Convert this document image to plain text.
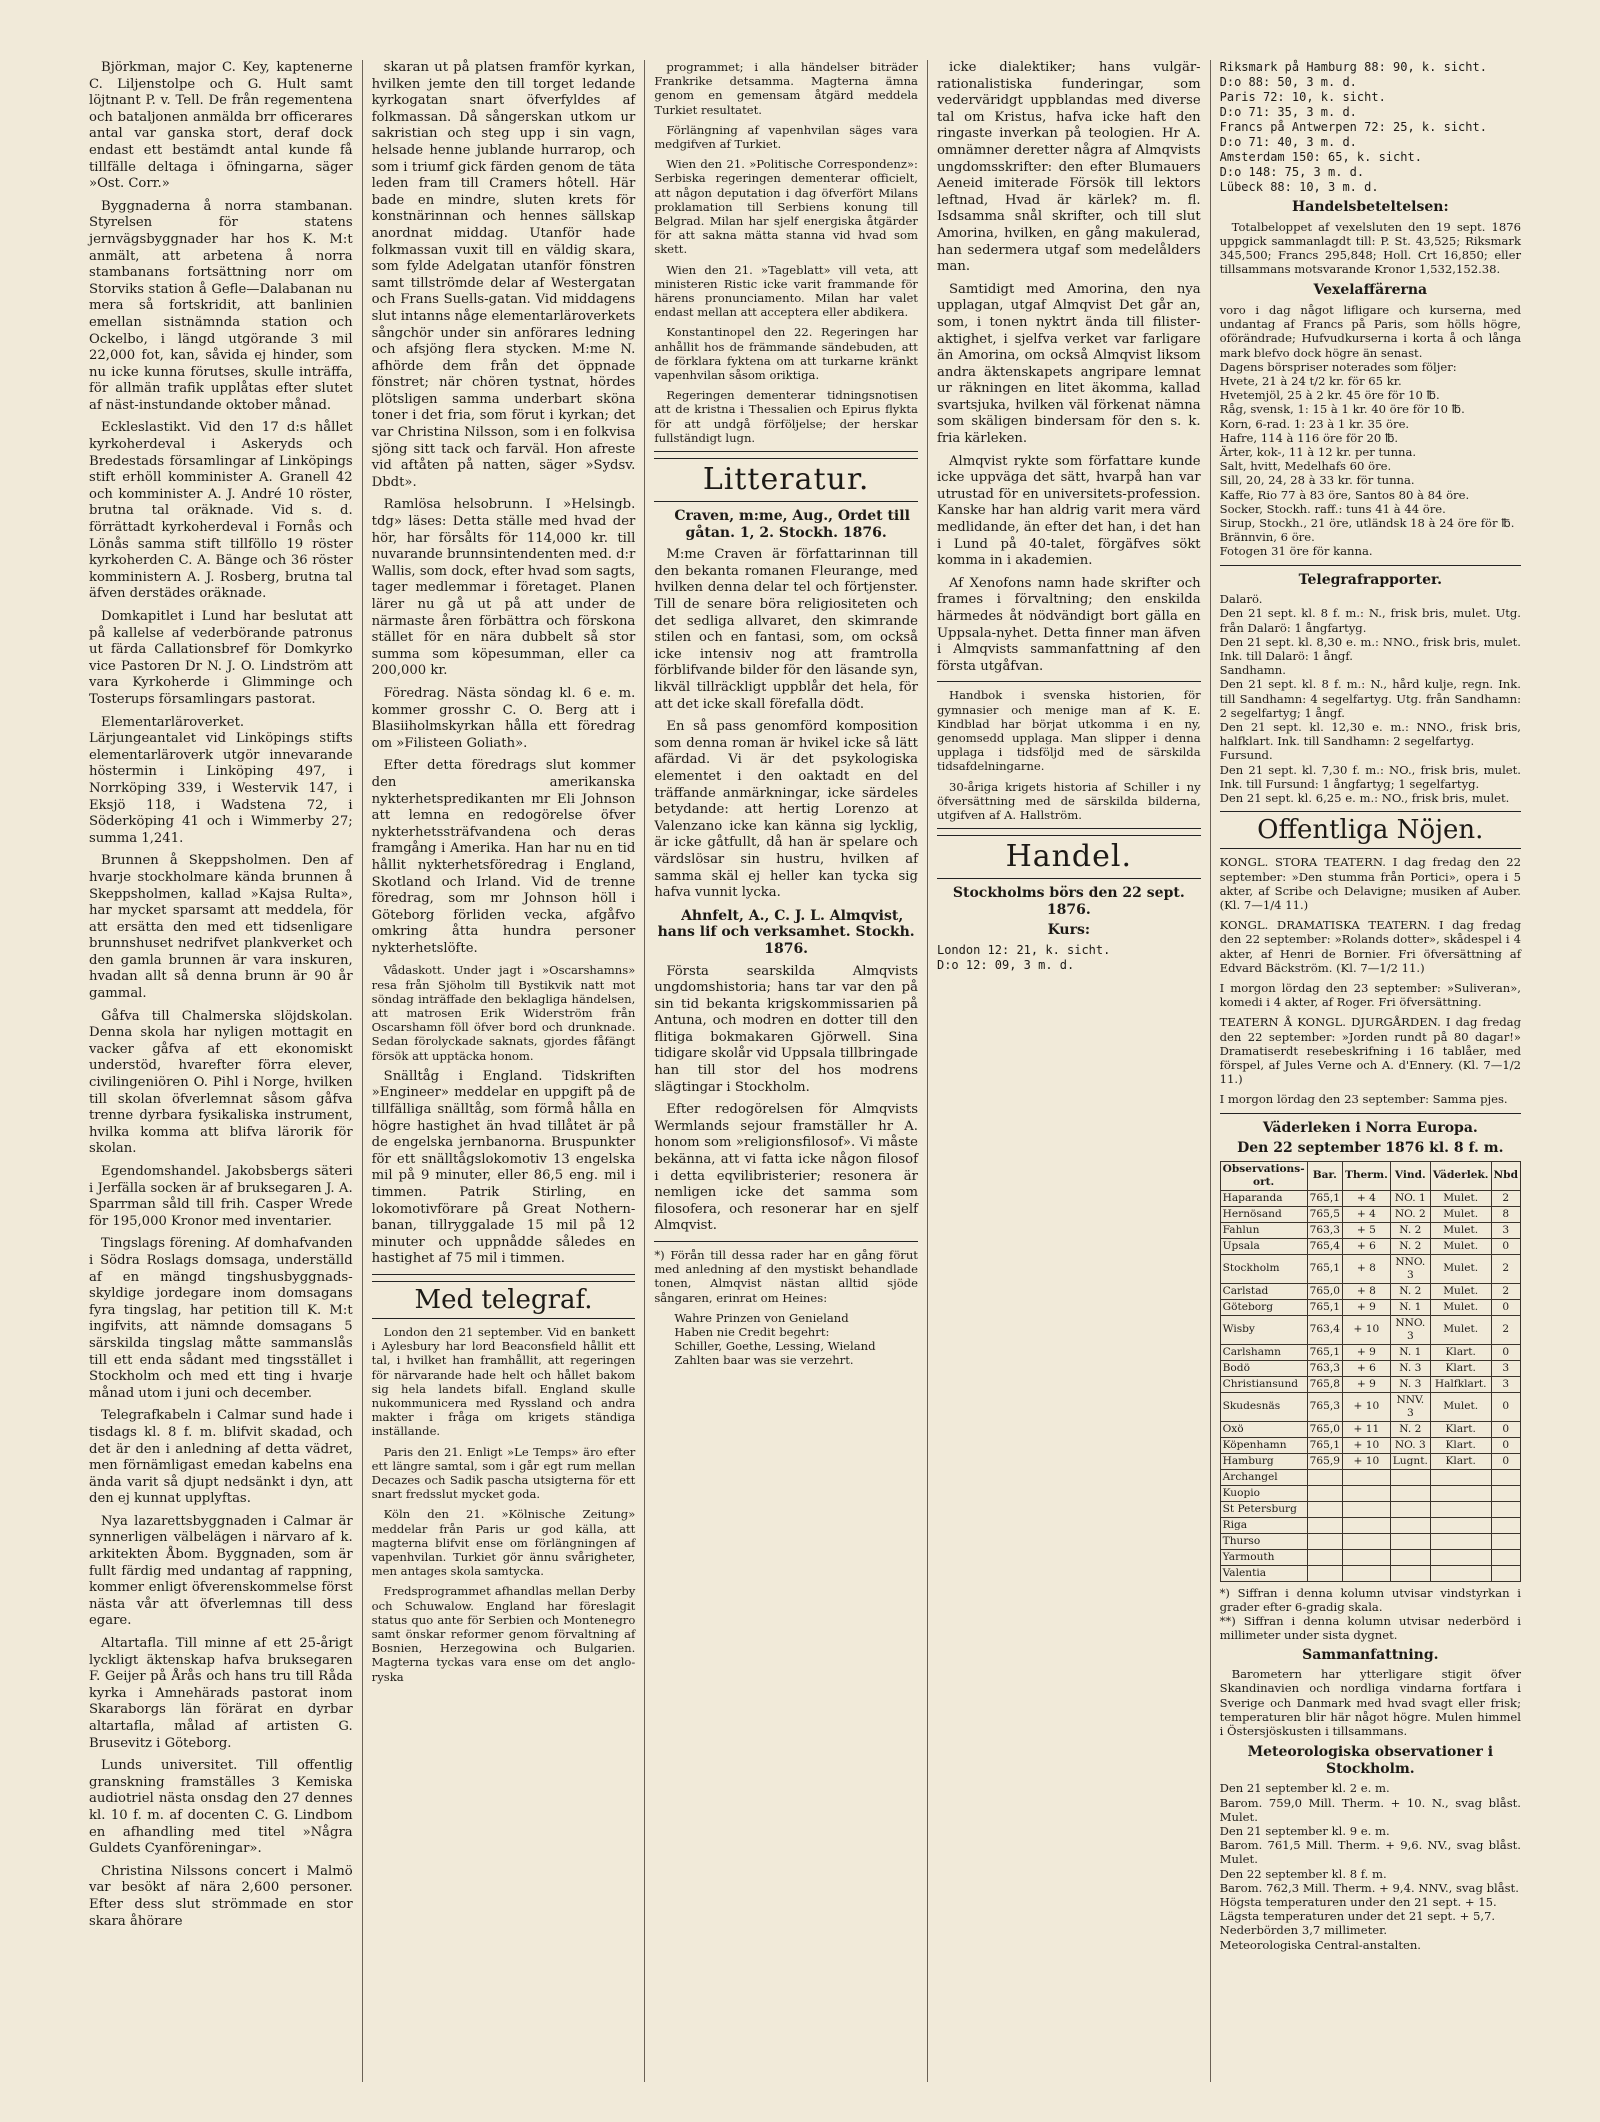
Björkman, major C. Key, kaptenerne C. Liljenstolpe och G. Hult samt löjtnant P. v. Tell. De från regementena och bataljonen anmälda brr officerares antal var ganska stort, deraf dock endast ett bestämdt antal kunde få tillfälle deltaga i öfningarna, säger »Ost. Corr.»

Byggnaderna å norra stambanan. Styrelsen för statens jernvägsbyggnader har hos K. M:t anmält, att arbetena å norra stambanans fortsättning norr om Storviks station å Gefle—Dalabanan nu mera så fortskridit, att banlinien emellan sistnämnda station och Ockelbo, i längd utgörande 3 mil 22,000 fot, kan, såvida ej hinder, som nu icke kunna förutses, skulle inträffa, för allmän trafik upplåtas efter slutet af näst-instundande oktober månad.

Eckleslastikt. Vid den 17 d:s hållet kyrkoherdeval i Askeryds och Bredestads församlingar af Linköpings stift erhöll komminister A. Granell 42 och komminister A. J. André 10 röster, brutna tal oräknade. Vid s. d. förrättadt kyrkoherdeval i Fornås och Lönås samma stift tillföllo 19 röster kyrkoherden C. A. Bänge och 36 röster komministern A. J. Rosberg, brutna tal äfven derstädes oräknade.

Domkapitlet i Lund har beslutat att på kallelse af vederbörande patronus ut färda Callationsbref för Domkyrko vice Pastoren Dr N. J. O. Lindström att vara Kyrkoherde i Glimminge och Tosterups församlingars pastorat.

Elementarläroverket. Lärjungeantalet vid Linköpings stifts elementarläroverk utgör innevarande höstermin i Linköping 497, i Norrköping 339, i Westervik 147, i Eksjö 118, i Wadstena 72, i Söderköping 41 och i Wimmerby 27; summa 1,241.

Brunnen å Skeppsholmen. Den af hvarje stockholmare kända brunnen å Skeppsholmen, kallad »Kajsa Rulta», har mycket sparsamt att meddela, för att ersätta den med ett tidsenligare brunnshuset nedrifvet plankverket och den gamla brunnen är vara inskuren, hvadan allt så denna brunn är 90 år gammal.

Gåfva till Chalmerska slöjdskolan. Denna skola har nyligen mottagit en vacker gåfva af ett ekonomiskt understöd, hvarefter förra elever, civilingeniören O. Pihl i Norge, hvilken till skolan öfverlemnat såsom gåfva trenne dyrbara fysikaliska instrument, hvilka komma att blifva lärorik för skolan.

Egendomshandel. Jakobsbergs säteri i Jerfälla socken är af bruksegaren J. A. Sparrman såld till frih. Casper Wrede för 195,000 Kronor med inventarier.

Tingslags förening. Af domhafvanden i Södra Roslags domsaga, underställd af en mängd tingshusbyggnads-skyldige jordegare inom domsagans fyra tingslag, har petition till K. M:t ingifvits, att nämnde domsagans 5 särskilda tingslag måtte sammanslås till ett enda sådant med tingsstället i Stockholm och med ett ting i hvarje månad utom i juni och december.

Telegrafkabeln i Calmar sund hade i tisdags kl. 8 f. m. blifvit skadad, och det är den i anledning af detta vädret, men förnämligast emedan kabelns ena ända varit så djupt nedsänkt i dyn, att den ej kunnat upplyftas.

Nya lazarettsbyggnaden i Calmar är synnerligen välbelägen i närvaro af k. arkitekten Åbom. Byggnaden, som är fullt färdig med undantag af rappning, kommer enligt öfverenskommelse först nästa vår att öfverlemnas till dess egare.

Altartafla. Till minne af ett 25-årigt lyckligt äktenskap hafva bruksegaren F. Geijer på Årås och hans tru till Råda kyrka i Amnehärads pastorat inom Skaraborgs län förärat en dyrbar altartafla, målad af artisten G. Brusevitz i Göteborg.

Lunds universitet. Till offentlig granskning framställes 3 Kemiska audiotriel nästa onsdag den 27 dennes kl. 10 f. m. af docenten C. G. Lindbom en afhandling med titel »Några Guldets Cyanföreningar».

Christina Nilssons concert i Malmö var besökt af nära 2,600 personer. Efter dess slut strömmade en stor skara åhörare

skaran ut på platsen framför kyrkan, hvilken jemte den till torget ledande kyrkogatan snart öfverfyldes af folkmassan. Då sångerskan utkom ur sakristian och steg upp i sin vagn, helsade henne jublande hurrarop, och som i triumf gick färden genom de täta leden fram till Cramers hôtell. Här bade en mindre, sluten krets för konstnärinnan och hennes sällskap anordnat middag. Utanför hade folkmassan vuxit till en väldig skara, som fylde Adelgatan utanför fönstren samt tillströmde delar af Westergatan och Frans Suells-gatan. Vid middagens slut intanns någe elementarläroverkets sångchör under sin anförares ledning och afsjöng flera stycken. M:me N. afhörde dem från det öppnade fönstret; när chören tystnat, hördes plötsligen samma underbart sköna toner i det fria, som förut i kyrkan; det var Christina Nilsson, som i en folkvisa sjöng sitt tack och farväl. Hon afreste vid aftåten på natten, säger »Sydsv. Dbdt».

Ramlösa helsobrunn. I »Helsingb. tdg» läses: Detta ställe med hvad der hör, har försålts för 114,000 kr. till nuvarande brunnsintendenten med. d:r Wallis, som dock, efter hvad som sagts, tager medlemmar i företaget. Planen lärer nu gå ut på att under de närmaste åren förbättra och förskona stället för en nära dubbelt så stor summa som köpesumman, eller ca 200,000 kr.

Föredrag. Nästa söndag kl. 6 e. m. kommer grosshr C. O. Berg att i Blasiiholmskyrkan hålla ett föredrag om »Filisteen Goliath».

Efter detta föredrags slut kommer den amerikanska nykterhetspredikanten mr Eli Johnson att lemna en redogörelse öfver nykterhetssträfvandena och deras framgång i Amerika. Han har nu en tid hållit nykterhetsföredrag i England, Skotland och Irland. Vid de trenne föredrag, som mr Johnson höll i Göteborg förliden vecka, afgåfvo omkring åtta hundra personer nykterhetslöfte.

Vådaskott. Under jagt i »Oscarshamns» resa från Sjöholm till Bystikvik natt mot söndag inträffade den beklagliga händelsen, att matrosen Erik Widerström från Oscarshamn föll öfver bord och drunknade. Sedan förolyckade saknats, gjordes fåfängt försök att upptäcka honom.

Snälltåg i England. Tidskriften »Engineer» meddelar en uppgift på de tillfälliga snälltåg, som förmå hålla en högre hastighet än hvad tillåtet är på de engelska jernbanorna. Bruspunkter för ett snälltågslokomotiv 13 engelska mil på 9 minuter, eller 86,5 eng. mil i timmen. Patrik Stirling, en lokomotivförare på Great Nothern-banan, tillryggalade 15 mil på 12 minuter och uppnådde således en hastighet af 75 mil i timmen.

Med telegraf.

London den 21 september. Vid en bankett i Aylesbury har lord Beaconsfield hållit ett tal, i hvilket han framhållit, att regeringen för närvarande hade helt och hållet bakom sig hela landets bifall. England skulle nukommunicera med Ryssland och andra makter i fråga om krigets ständiga inställande.

Paris den 21. Enligt »Le Temps» äro efter ett längre samtal, som i går egt rum mellan Decazes och Sadik pascha utsigterna för ett snart fredsslut mycket goda.

Köln den 21. »Kölnische Zeitung» meddelar från Paris ur god källa, att magterna blifvit ense om förlängningen af vapenhvilan. Turkiet gör ännu svårigheter, men antages skola samtycka.

Fredsprogrammet afhandlas mellan Derby och Schuwalow. England har föreslagit status quo ante för Serbien och Montenegro samt önskar reformer genom förvaltning af Bosnien, Herzegowina och Bulgarien. Magterna tyckas vara ense om det anglo-ryska

programmet; i alla händelser biträder Frankrike detsamma. Magterna ämna genom en gemensam åtgärd meddela Turkiet resultatet.

Förlängning af vapenhvilan säges vara medgifven af Turkiet.

Wien den 21. »Politische Correspondenz»: Serbiska regeringen dementerar officielt, att någon deputation i dag öfverfört Milans proklamation till Serbiens konung till Belgrad. Milan har sjelf energiska åtgärder för att sakna mätta stanna vid hvad som skett.

Wien den 21. »Tageblatt» vill veta, att ministeren Ristic icke varit frammande för härens pronunciamento. Milan har valet endast mellan att acceptera eller abdikera.

Konstantinopel den 22. Regeringen har anhållit hos de främmande sändebuden, att de förklara fyktena om att turkarne kränkt vapenhvilan såsom oriktiga.

Regeringen dementerar tidningsnotisen att de kristna i Thessalien och Epirus flykta för att undgå förföljelse; der herskar fullständigt lugn.

Litteratur.

Craven, m:me, Aug., Ordet till gåtan. 1, 2. Stockh. 1876.

M:me Craven är författarinnan till den bekanta romanen Fleurange, med hvilken denna delar tel och förtjenster. Till de senare böra religiositeten och det sedliga allvaret, den skimrande stilen och en fantasi, som, om också icke intensiv nog att framtrolla förblifvande bilder för den läsande syn, likväl tillräckligt uppblår det hela, för att det icke skall förefalla dödt.

En så pass genomförd komposition som denna roman är hvikel icke så lätt afärdad. Vi är det psykologiska elementet i den oaktadt en del träffande anmärkningar, icke särdeles betydande: att hertig Lorenzo at Valenzano icke kan känna sig lycklig, är icke gåtfullt, då han är spelare och värdslösar sin hustru, hvilken af samma skäl ej heller kan tycka sig hafva vunnit lycka.

Ahnfelt, A., C. J. L. Almqvist, hans lif och verksamhet. Stockh. 1876.

Första searskilda Almqvists ungdomshistoria; hans tar var den på sin tid bekanta krigskommissarien på Antuna, och modren en dotter till den flitiga bokmakaren Gjörwell. Sina tidigare skolår vid Uppsala tillbringade han till stor del hos modrens slägtingar i Stockholm.

Efter redogörelsen för Almqvists Wermlands sejour framställer hr A. honom som »religionsfilosof». Vi måste bekänna, att vi fatta icke någon filosof i detta eqvilibristerier; resonera är nemligen icke det samma som filosofera, och resonerar har en sjelf Almqvist.

*) Förån till dessa rader har en gång förut med anledning af den mystiskt behandlade tonen, Almqvist nästan alltid sjöde sångaren, erinrat om Heines:

Wahre Prinzen von Genieland
Haben nie Credit begehrt:
Schiller, Goethe, Lessing, Wieland
Zahlten baar was sie verzehrt.

icke dialektiker; hans vulgär-rationalistiska funderingar, som vederväridgt uppblandas med diverse tal om Kristus, hafva icke haft den ringaste inverkan på teologien. Hr A. omnämner deretter några af Almqvists ungdomsskrifter: den efter Blumauers Aeneid imiterade Försök till lektors leftnad, Hvad är kärlek? m. fl. Isdsamma snål skrifter, och till slut Amorina, hvilken, en gång makulerad, han sedermera utgaf som medelålders man.

Samtidigt med Amorina, den nya upplagan, utgaf Almqvist Det går an, som, i tonen nyktrt ända till filister-aktighet, i sjelfva verket var farligare än Amorina, om också Almqvist liksom andra äktenskapets angripare lemnat ur räkningen en litet äkomma, kallad svartsjuka, hvilken väl förkenat nämna som skäligen bindersam för den s. k. fria kärleken.

Almqvist rykte som författare kunde icke uppväga det sätt, hvarpå han var utrustad för en universitets-profession. Kanske har han aldrig varit mera värd medlidande, än efter det han, i det han i Lund på 40-talet, förgäfves sökt komma in i akademien.

Af Xenofons namn hade skrifter och frames i förvaltning; den enskilda härmedes åt nödvändigt bort gälla en Uppsala-nyhet. Detta finner man äfven i Almqvists sammanfattning af den första utgåfvan.

Handbok i svenska historien, för gymnasier och menige man af K. E. Kindblad har börjat utkomma i en ny, genomsedd upplaga. Man slipper i denna upplaga i tidsföljd med de särskilda tidsafdelningarne.

30-åriga krigets historia af Schiller i ny öfversättning med de särskilda bilderna, utgifven af A. Hallström.

Handel.
Stockholms börs den 22 sept. 1876.
Kurs:
London 12: 21, k. sicht.
D:o 12: 09, 3 m. d.
Riksmark på Hamburg 88: 90, k. sicht.
D:o 88: 50, 3 m. d.
Paris 72: 10, k. sicht.
D:o 71: 35, 3 m. d.
Francs på Antwerpen 72: 25, k. sicht.
D:o 71: 40, 3 m. d.
Amsterdam 150: 65, k. sicht.
D:o 148: 75, 3 m. d.
Lübeck 88: 10, 3 m. d.
Handelsbeteltelsen:

Totalbeloppet af vexelsluten den 19 sept. 1876 uppgick sammanlagdt till: P. St. 43,525; Riksmark 345,500; Francs 295,848; Holl. Crt 16,850; eller tillsammans motsvarande Kronor 1,532,152.38.

Vexelaffärerna
voro i dag något lifligare och kurserna, med undantag af Francs på Paris, som hölls högre, oförändrade; Hufvudkurserna i korta å och långa mark blefvo dock högre än senast.
Dagens börspriser noterades som följer:
Hvete, 21 à 24 t/2 kr. för 65 kr.
Hvetemjöl, 25 à 2 kr. 45 öre för 10 ℔.
Råg, svensk, 1: 15 à 1 kr. 40 öre för 10 ℔.
Korn, 6-rad. 1: 23 à 1 kr. 35 öre.
Hafre, 114 à 116 öre för 20 ℔.
Ärter, kok-, 11 à 12 kr. per tunna.
Salt, hvitt, Medelhafs 60 öre.
Sill, 20, 24, 28 à 33 kr. för tunna.
Kaffe, Rio 77 à 83 öre, Santos 80 à 84 öre.
Socker, Stockh. raff.: tuns 41 à 44 öre.
Sirup, Stockh., 21 öre, utländsk 18 à 24 öre för ℔.
Brännvin, 6 öre.
Fotogen 31 öre för kanna.
Telegrafrapporter.
Dalarö.
Den 21 sept. kl. 8 f. m.: N., frisk bris, mulet. Utg. från Dalarö: 1 ångfartyg.
Den 21 sept. kl. 8,30 e. m.: NNO., frisk bris, mulet. Ink. till Dalarö: 1 ångf.
Sandhamn.
Den 21 sept. kl. 8 f. m.: N., hård kulje, regn. Ink. till Sandhamn: 4 segelfartyg. Utg. från Sandhamn: 2 segelfartyg; 1 ångf.
Den 21 sept. kl. 12,30 e. m.: NNO., frisk bris, halfklart. Ink. till Sandhamn: 2 segelfartyg.
Fursund.
Den 21 sept. kl. 7,30 f. m.: NO., frisk bris, mulet. Ink. till Fursund: 1 ångfartyg; 1 segelfartyg.
Den 21 sept. kl. 6,25 e. m.: NO., frisk bris, mulet.
Offentliga Nöjen.

KONGL. STORA TEATERN. I dag fredag den 22 september: »Den stumma från Portici», opera i 5 akter, af Scribe och Delavigne; musiken af Auber. (Kl. 7—1/4 11.)

KONGL. DRAMATISKA TEATERN. I dag fredag den 22 september: »Rolands dotter», skådespel i 4 akter, af Henri de Bornier. Fri öfversättning af Edvard Bäckström. (Kl. 7—1/2 11.)

I morgon lördag den 23 september: »Suliveran», komedi i 4 akter, af Roger. Fri öfversättning.

TEATERN Å KONGL. DJURGÅRDEN. I dag fredag den 22 september: »Jorden rundt på 80 dagar!» Dramatiserdt resebeskrifning i 16 tablåer, med förspel, af Jules Verne och A. d'Ennery. (Kl. 7—1/2 11.)

I morgon lördag den 23 september: Samma pjes.

Väderleken i Norra Europa.
Den 22 september 1876 kl. 8 f. m.
Observations-ort.	Bar.	Therm.	Vind.	Väderlek.	Nbd
Haparanda	765,1	+ 4	NO. 1	Mulet.	2
Hernösand	765,5	+ 4	NO. 2	Mulet.	8
Fahlun	763,3	+ 5	N. 2	Mulet.	3
Upsala	765,4	+ 6	N. 2	Mulet.	0
Stockholm	765,1	+ 8	NNO. 3	Mulet.	2
Carlstad	765,0	+ 8	N. 2	Mulet.	2
Göteborg	765,1	+ 9	N. 1	Mulet.	0
Wisby	763,4	+ 10	NNO. 3	Mulet.	2
Carlshamn	765,1	+ 9	N. 1	Klart.	0
Bodö	763,3	+ 6	N. 3	Klart.	3
Christiansund	765,8	+ 9	N. 3	Halfklart.	3
Skudesnäs	765,3	+ 10	NNV. 3	Mulet.	0
Oxö	765,0	+ 11	N. 2	Klart.	0
Köpenhamn	765,1	+ 10	NO. 3	Klart.	0
Hamburg	765,9	+ 10	Lugnt.	Klart.	0
Archangel					
Kuopio					
St Petersburg					
Riga					
Thurso					
Yarmouth					
Valentia					
*) Siffran i denna kolumn utvisar vindstyrkan i grader efter 6-gradig skala.
**) Siffran i denna kolumn utvisar nederbörd i millimeter under sista dygnet.
Sammanfattning.

Barometern har ytterligare stigit öfver Skandinavien och nordliga vindarna fortfara i Sverige och Danmark med hvad svagt eller frisk; temperaturen blir här något högre. Mulen himmel i Östersjöskusten i tillsammans.

Meteorologiska observationer i Stockholm.
Den 21 september kl. 2 e. m.
Barom. 759,0 Mill. Therm. + 10. N., svag blåst. Mulet.
Den 21 september kl. 9 e. m.
Barom. 761,5 Mill. Therm. + 9,6. NV., svag blåst. Mulet.
Den 22 september kl. 8 f. m.
Barom. 762,3 Mill. Therm. + 9,4. NNV., svag blåst.
Högsta temperaturen under den 21 sept. + 15.
Lägsta temperaturen under det 21 sept. + 5,7.
Nederbörden 3,7 millimeter.
Meteorologiska Central-anstalten.
